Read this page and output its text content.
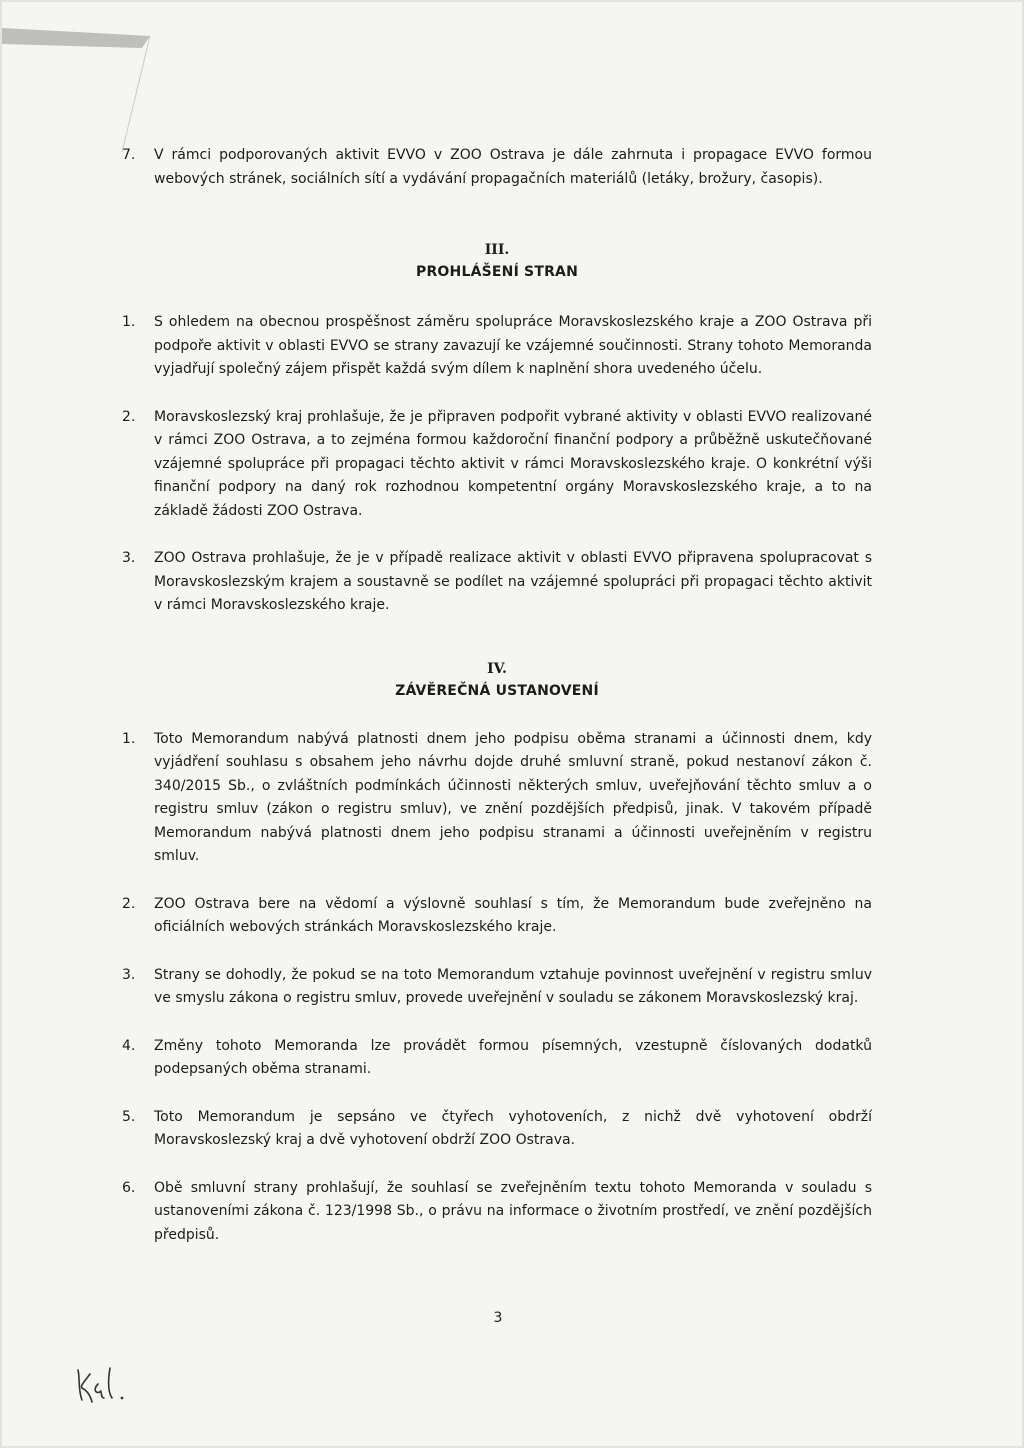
7. V rámci podporovaných aktivit EVVO v ZOO Ostrava je dále zahrnuta i propagace EVVO formou webových stránek, sociálních sítí a vydávání propagačních materiálů (letáky, brožury, časopis).
III.
PROHLÁŠENÍ STRAN
1. S ohledem na obecnou prospěšnost záměru spolupráce Moravskoslezského kraje a ZOO Ostrava při podpoře aktivit v oblasti EVVO se strany zavazují ke vzájemné součinnosti. Strany tohoto Memoranda vyjadřují společný zájem přispět každá svým dílem k naplnění shora uvedeného účelu.
2. Moravskoslezský kraj prohlašuje, že je připraven podpořit vybrané aktivity v oblasti EVVO realizované v rámci ZOO Ostrava, a to zejména formou každoroční finanční podpory a průběžně uskutečňované vzájemné spolupráce při propagaci těchto aktivit v rámci Moravskoslezského kraje. O konkrétní výši finanční podpory na daný rok rozhodnou kompetentní orgány Moravskoslezského kraje, a to na základě žádosti ZOO Ostrava.
3. ZOO Ostrava prohlašuje, že je v případě realizace aktivit v oblasti EVVO připravena spolupracovat s Moravskoslezským krajem a soustavně se podílet na vzájemné spolupráci při propagaci těchto aktivit v rámci Moravskoslezského kraje.
IV.
ZÁVĚREČNÁ USTANOVENÍ
1. Toto Memorandum nabývá platnosti dnem jeho podpisu oběma stranami a účinnosti dnem, kdy vyjádření souhlasu s obsahem jeho návrhu dojde druhé smluvní straně, pokud nestanoví zákon č. 340/2015 Sb., o zvláštních podmínkách účinnosti některých smluv, uveřejňování těchto smluv a o registru smluv (zákon o registru smluv), ve znění pozdějších předpisů, jinak. V takovém případě Memorandum nabývá platnosti dnem jeho podpisu stranami a účinnosti uveřejněním v registru smluv.
2. ZOO Ostrava bere na vědomí a výslovně souhlasí s tím, že Memorandum bude zveřejněno na oficiálních webových stránkách Moravskoslezského kraje.
3. Strany se dohodly, že pokud se na toto Memorandum vztahuje povinnost uveřejnění v registru smluv ve smyslu zákona o registru smluv, provede uveřejnění v souladu se zákonem Moravskoslezský kraj.
4. Změny tohoto Memoranda lze provádět formou písemných, vzestupně číslovaných dodatků podepsaných oběma stranami.
5. Toto Memorandum je sepsáno ve čtyřech vyhotoveních, z nichž dvě vyhotovení obdrží Moravskoslezský kraj a dvě vyhotovení obdrží ZOO Ostrava.
6. Obě smluvní strany prohlašují, že souhlasí se zveřejněním textu tohoto Memoranda v souladu s ustanoveními zákona č. 123/1998 Sb., o právu na informace o životním prostředí, ve znění pozdějších předpisů.
3
